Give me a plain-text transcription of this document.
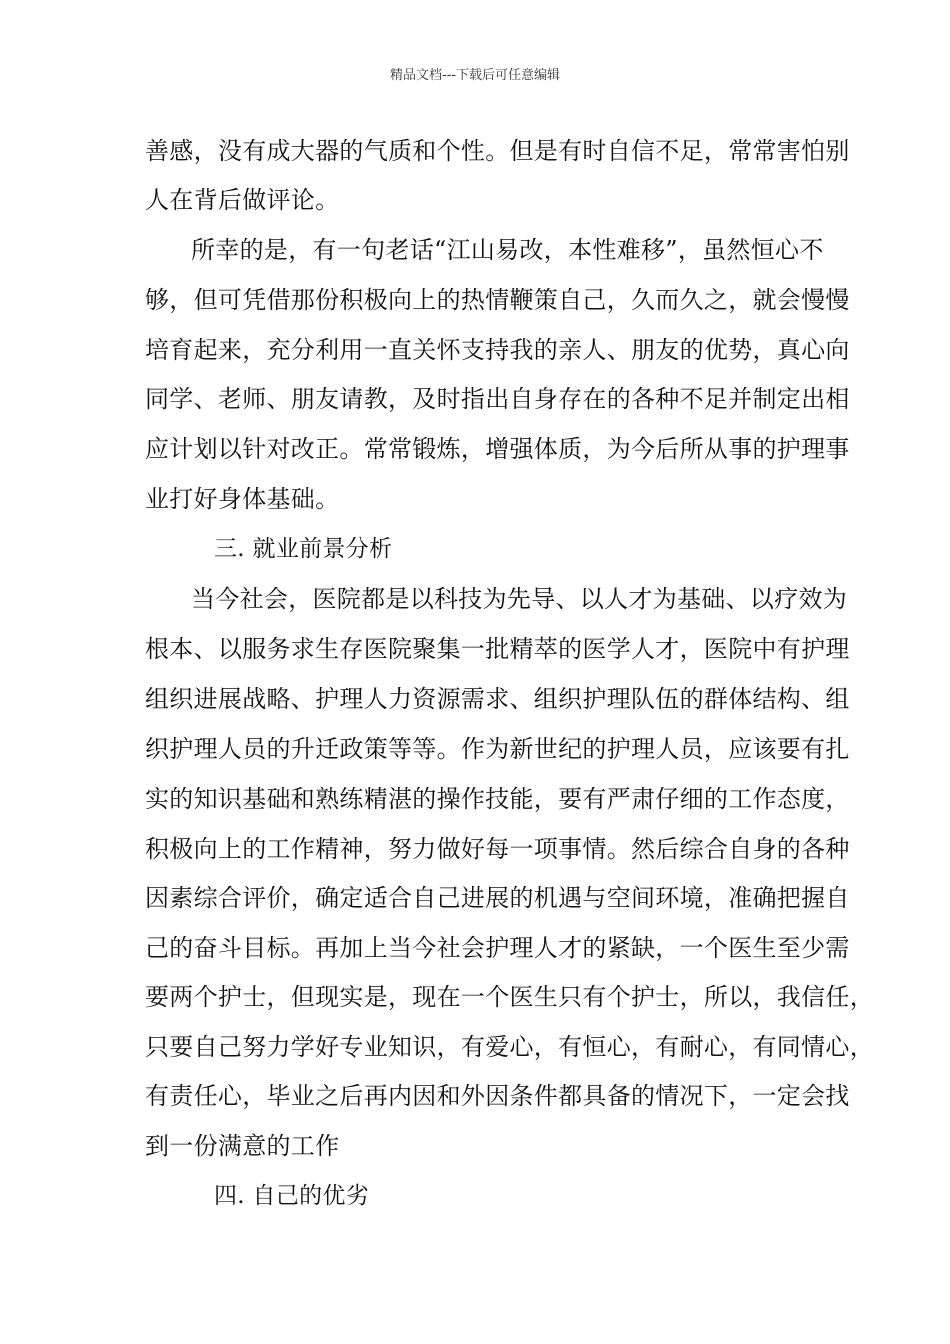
精品文档---下载后可任意编辑
善感，没有成大器的气质和个性。但是有时自信不足，常常害怕别
人在背后做评论。
所幸的是，有一句老话“江山易改，本性难移”，虽然恒心不
够，但可凭借那份积极向上的热情鞭策自己，久而久之，就会慢慢
培育起来，充分利用一直关怀支持我的亲人、朋友的优势，真心向
同学、老师、朋友请教，及时指出自身存在的各种不足并制定出相
应计划以针对改正。常常锻炼，增强体质，为今后所从事的护理事
业打好身体基础。
三. 就业前景分析
当今社会，医院都是以科技为先导、以人才为基础、以疗效为
根本、以服务求生存医院聚集一批精萃的医学人才，医院中有护理
组织进展战略、护理人力资源需求、组织护理队伍的群体结构、组
织护理人员的升迁政策等等。作为新世纪的护理人员，应该要有扎
实的知识基础和熟练精湛的操作技能，要有严肃仔细的工作态度，
积极向上的工作精神，努力做好每一项事情。然后综合自身的各种
因素综合评价，确定适合自己进展的机遇与空间环境，准确把握自
己的奋斗目标。再加上当今社会护理人才的紧缺，一个医生至少需
要两个护士，但现实是，现在一个医生只有个护士，所以，我信任，
只要自己努力学好专业知识，有爱心，有恒心，有耐心，有同情心，
有责任心，毕业之后再内因和外因条件都具备的情况下，一定会找
到一份满意的工作
四. 自己的优劣
